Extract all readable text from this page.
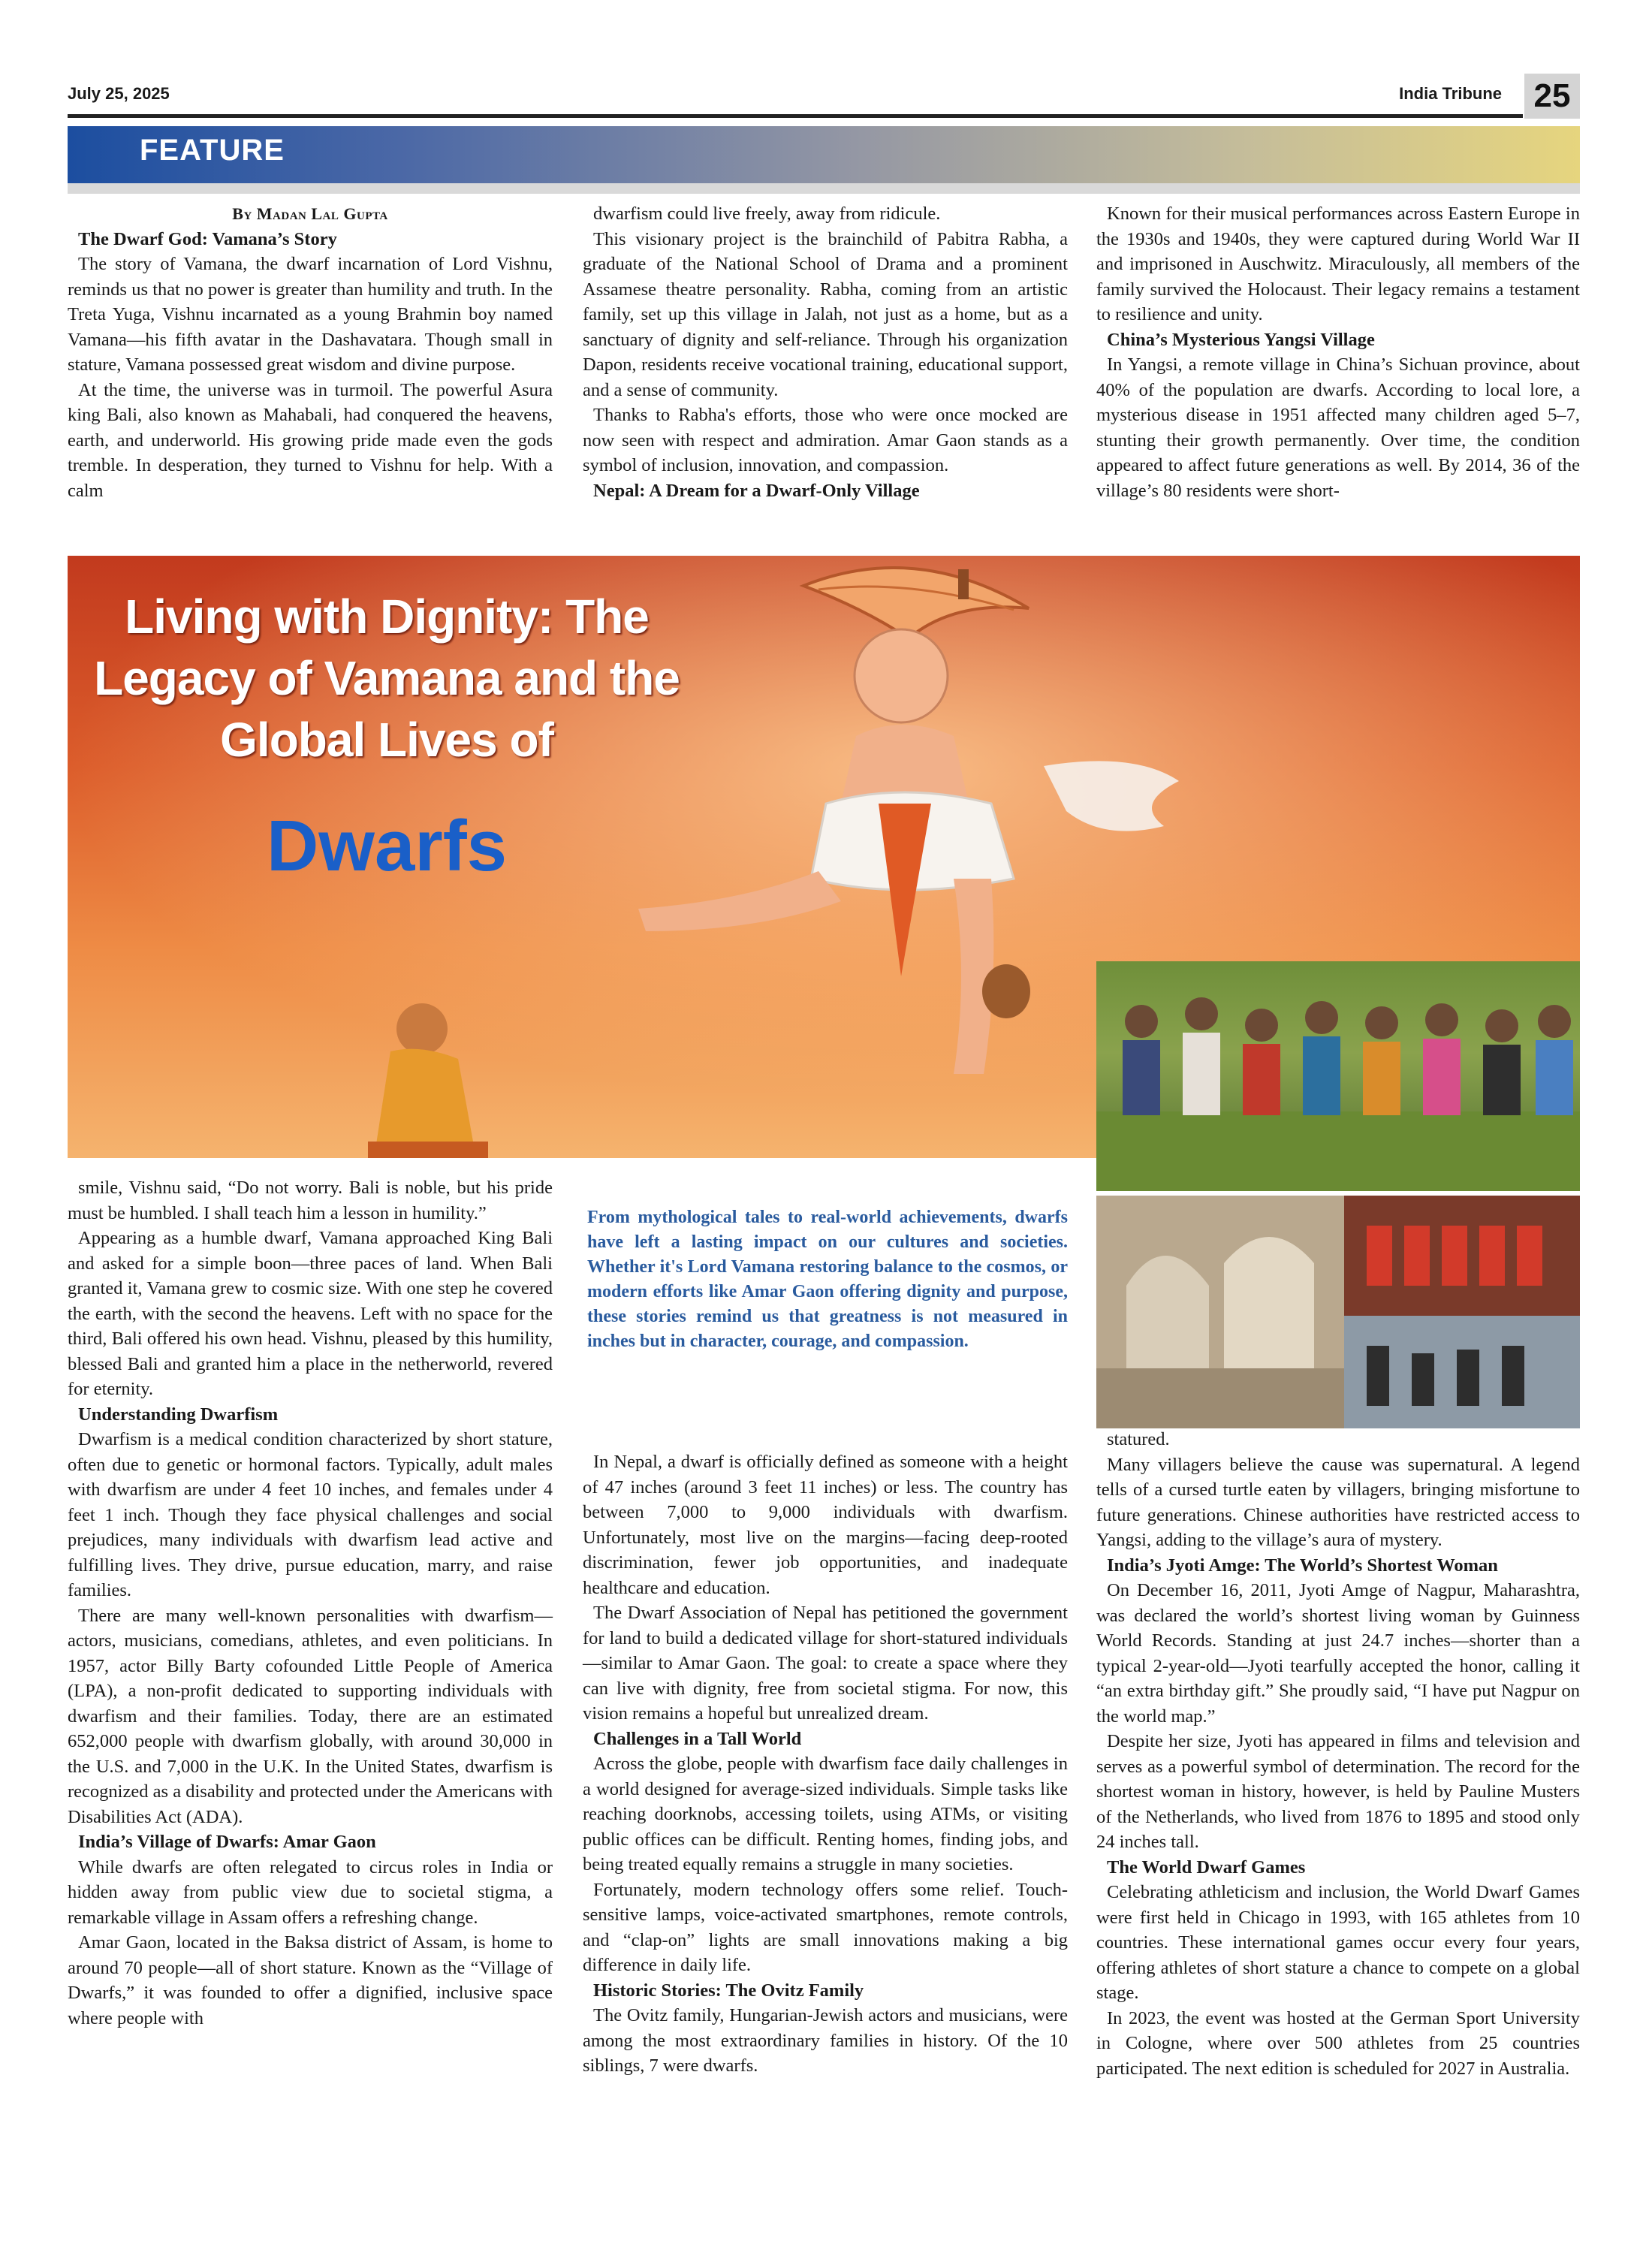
July 25, 2025	India Tribune 25
FEATURE
By Madan Lal Gupta
The Dwarf God: Vamana’s Story

The story of Vamana, the dwarf incarnation of Lord Vishnu, reminds us that no power is greater than humility and truth. In the Treta Yuga, Vishnu incarnated as a young Brahmin boy named Vamana—his fifth avatar in the Dashavatara. Though small in stature, Vamana possessed great wisdom and divine purpose.

At the time, the universe was in turmoil. The powerful Asura king Bali, also known as Mahabali, had conquered the heavens, earth, and underworld. His growing pride made even the gods tremble. In desperation, they turned to Vishnu for help. With a calm

dwarfism could live freely, away from ridicule.

This visionary project is the brainchild of Pabitra Rabha, a graduate of the National School of Drama and a prominent Assamese theatre personality. Rabha, coming from an artistic family, set up this village in Jalah, not just as a home, but as a sanctuary of dignity and self-reliance. Through his organization Dapon, residents receive vocational training, educational support, and a sense of community.

Thanks to Rabha's efforts, those who were once mocked are now seen with respect and admiration. Amar Gaon stands as a symbol of inclusion, innovation, and compassion.

Nepal: A Dream for a Dwarf-Only Village

Known for their musical performances across Eastern Europe in the 1930s and 1940s, they were captured during World War II and imprisoned in Auschwitz. Miraculously, all members of the family survived the Holocaust. Their legacy remains a testament to resilience and unity.

China’s Mysterious Yangsi Village

In Yangsi, a remote village in China’s Sichuan province, about 40% of the population are dwarfs. According to local lore, a mysterious disease in 1951 affected many children aged 5–7, stunting their growth permanently. Over time, the condition appeared to affect future generations as well. By 2014, 36 of the village’s 80 residents were short-

Living with Dignity: The Legacy of Vamana and the Global Lives of
Dwarfs
From mythological tales to real-world achievements, dwarfs have left a lasting impact on our cultures and societies. Whether it's Lord Vamana restoring balance to the cosmos, or modern efforts like Amar Gaon offering dignity and purpose, these stories remind us that greatness is not measured in inches but in character, courage, and compassion.

smile, Vishnu said, “Do not worry. Bali is noble, but his pride must be humbled. I shall teach him a lesson in humility.”

Appearing as a humble dwarf, Vamana approached King Bali and asked for a simple boon—three paces of land. When Bali granted it, Vamana grew to cosmic size. With one step he covered the earth, with the second the heavens. Left with no space for the third, Bali offered his own head. Vishnu, pleased by this humility, blessed Bali and granted him a place in the netherworld, revered for eternity.

Understanding Dwarfism

Dwarfism is a medical condition characterized by short stature, often due to genetic or hormonal factors. Typically, adult males with dwarfism are under 4 feet 10 inches, and females under 4 feet 1 inch. Though they face physical challenges and social prejudices, many individuals with dwarfism lead active and fulfilling lives. They drive, pursue education, marry, and raise families.

There are many well-known personalities with dwarfism—actors, musicians, comedians, athletes, and even politicians. In 1957, actor Billy Barty cofounded Little People of America (LPA), a non-profit dedicated to supporting individuals with dwarfism and their families. Today, there are an estimated 652,000 people with dwarfism globally, with around 30,000 in the U.S. and 7,000 in the U.K. In the United States, dwarfism is recognized as a disability and protected under the Americans with Disabilities Act (ADA).

India’s Village of Dwarfs: Amar Gaon

While dwarfs are often relegated to circus roles in India or hidden away from public view due to societal stigma, a remarkable village in Assam offers a refreshing change.

Amar Gaon, located in the Baksa district of Assam, is home to around 70 people—all of short stature. Known as the “Village of Dwarfs,” it was founded to offer a dignified, inclusive space where people with

In Nepal, a dwarf is officially defined as someone with a height of 47 inches (around 3 feet 11 inches) or less. The country has between 7,000 to 9,000 individuals with dwarfism. Unfortunately, most live on the margins—facing deep-rooted discrimination, fewer job opportunities, and inadequate healthcare and education.

The Dwarf Association of Nepal has petitioned the government for land to build a dedicated village for short-statured individuals—similar to Amar Gaon. The goal: to create a space where they can live with dignity, free from societal stigma. For now, this vision remains a hopeful but unrealized dream.

Challenges in a Tall World

Across the globe, people with dwarfism face daily challenges in a world designed for average-sized individuals. Simple tasks like reaching doorknobs, accessing toilets, using ATMs, or visiting public offices can be difficult. Renting homes, finding jobs, and being treated equally remains a struggle in many societies.

Fortunately, modern technology offers some relief. Touch-sensitive lamps, voice-activated smartphones, remote controls, and “clap-on” lights are small innovations making a big difference in daily life.

Historic Stories: The Ovitz Family

The Ovitz family, Hungarian-Jewish actors and musicians, were among the most extraordinary families in history. Of the 10 siblings, 7 were dwarfs.

statured.

Many villagers believe the cause was supernatural. A legend tells of a cursed turtle eaten by villagers, bringing misfortune to future generations. Chinese authorities have restricted access to Yangsi, adding to the village’s aura of mystery.

India’s Jyoti Amge: The World’s Shortest Woman

On December 16, 2011, Jyoti Amge of Nagpur, Maharashtra, was declared the world’s shortest living woman by Guinness World Records. Standing at just 24.7 inches—shorter than a typical 2-year-old—Jyoti tearfully accepted the honor, calling it “an extra birthday gift.” She proudly said, “I have put Nagpur on the world map.”

Despite her size, Jyoti has appeared in films and television and serves as a powerful symbol of determination. The record for the shortest woman in history, however, is held by Pauline Musters of the Netherlands, who lived from 1876 to 1895 and stood only 24 inches tall.

The World Dwarf Games

Celebrating athleticism and inclusion, the World Dwarf Games were first held in Chicago in 1993, with 165 athletes from 10 countries. These international games occur every four years, offering athletes of short stature a chance to compete on a global stage.

In 2023, the event was hosted at the German Sport University in Cologne, where over 500 athletes from 25 countries participated. The next edition is scheduled for 2027 in Australia.
